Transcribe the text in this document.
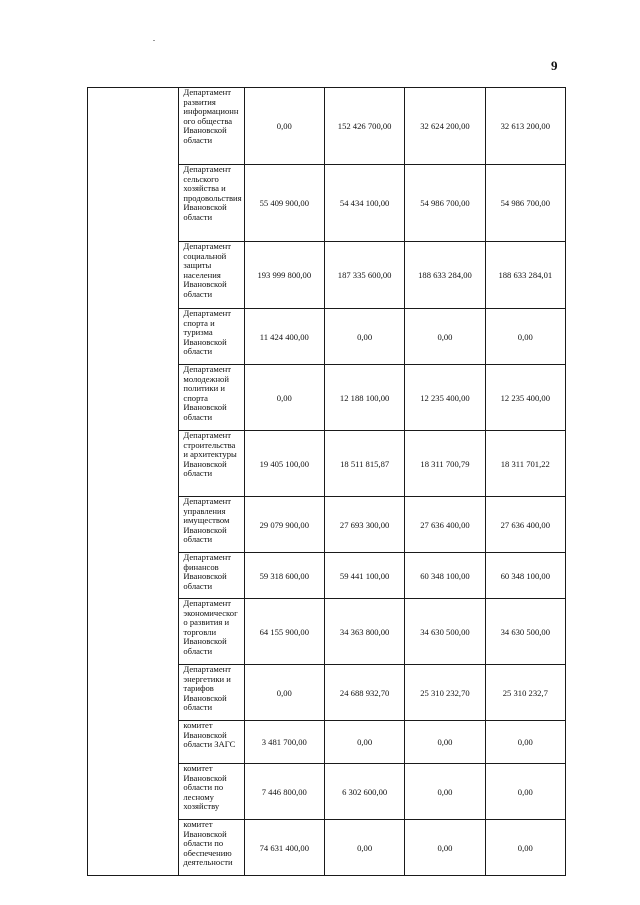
9
	Департамент развития информационного общества Ивановской области	0,00	152 426 700,00	32 624 200,00	32 613 200,00
	Департамент сельского хозяйства и продовольствия Ивановской области	55 409 900,00	54 434 100,00	54 986 700,00	54 986 700,00
	Департамент социальной защиты населения Ивановской области	193 999 800,00	187 335 600,00	188 633 284,00	188 633 284,01
	Департамент спорта и туризма Ивановской области	11 424 400,00	0,00	0,00	0,00
	Департамент молодежной политики и спорта Ивановской области	0,00	12 188 100,00	12 235 400,00	12 235 400,00
	Департамент строительства и архитектуры Ивановской области	19 405 100,00	18 511 815,87	18 311 700,79	18 311 701,22
	Департамент управления имуществом Ивановской области	29 079 900,00	27 693 300,00	27 636 400,00	27 636 400,00
	Департамент финансов Ивановской области	59 318 600,00	59 441 100,00	60 348 100,00	60 348 100,00
	Департамент экономического развития и торговли Ивановской области	64 155 900,00	34 363 800,00	34 630 500,00	34 630 500,00
	Департамент энергетики и тарифов Ивановской области	0,00	24 688 932,70	25 310 232,70	25 310 232,7
	комитет Ивановской области ЗАГС	3 481 700,00	0,00	0,00	0,00
	комитет Ивановской области по лесному хозяйству	7 446 800,00	6 302 600,00	0,00	0,00
	комитет Ивановской области по обеспечению деятельности	74 631 400,00	0,00	0,00	0,00
